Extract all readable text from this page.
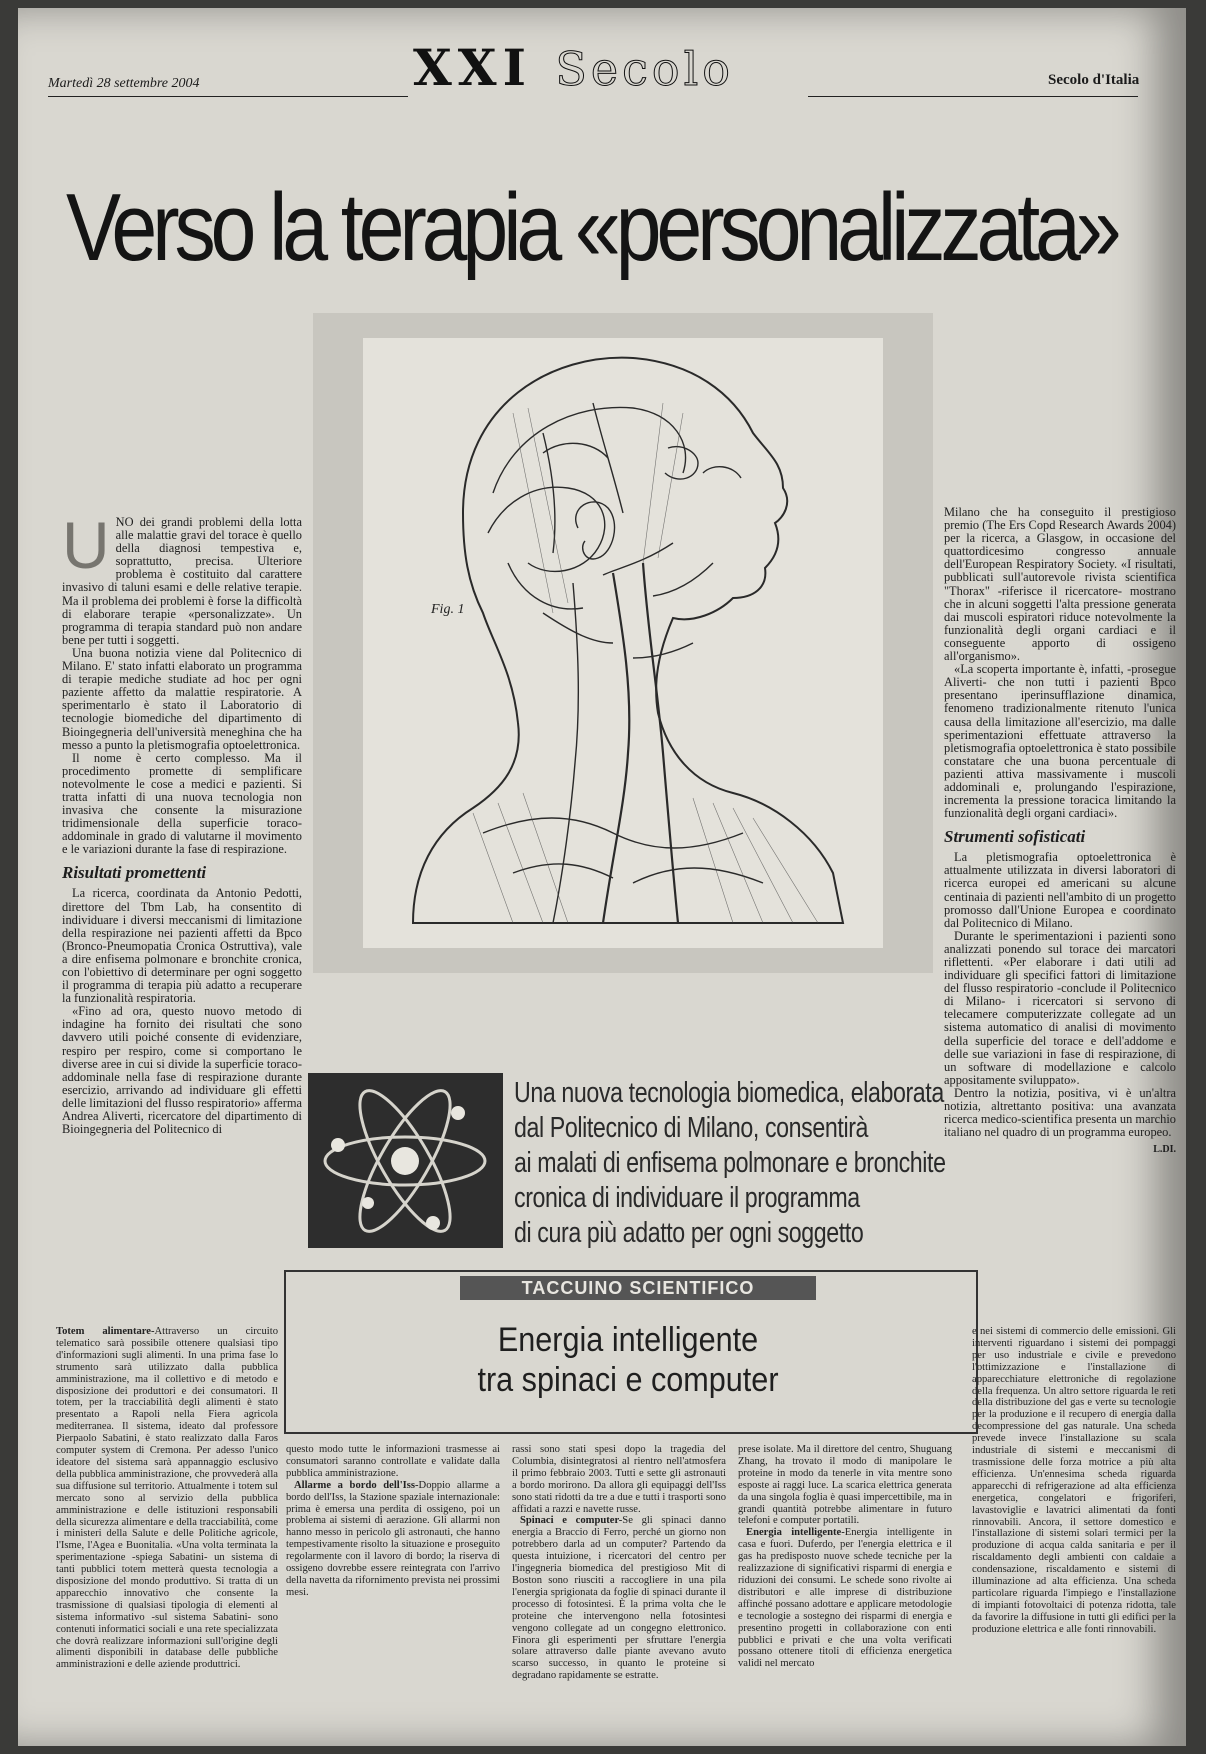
Martedì 28 settembre 2004	XXI Secolo	Secolo d'Italia
Verso la terapia «personalizzata»
Fig. 1

UNO dei grandi problemi della lotta alle malattie gravi del torace è quello della diagnosi tempestiva e, soprattutto, precisa. Ulteriore problema è costituito dal carattere invasivo di taluni esami e delle relative terapie. Ma il problema dei problemi è forse la difficoltà di elaborare terapie «personalizzate». Un programma di terapia standard può non andare bene per tutti i soggetti.

Una buona notizia viene dal Politecnico di Milano. E' stato infatti elaborato un programma di terapie mediche studiate ad hoc per ogni paziente affetto da malattie respiratorie. A sperimentarlo è stato il Laboratorio di tecnologie biomediche del dipartimento di Bioingegneria dell'università meneghina che ha messo a punto la pletismografia optoelettronica.

Il nome è certo complesso. Ma il procedimento promette di semplificare notevolmente le cose a medici e pazienti. Si tratta infatti di una nuova tecnologia non invasiva che consente la misurazione tridimensionale della superficie toraco-addominale in grado di valutarne il movimento e le variazioni durante la fase di respirazione.

Risultati promettenti

La ricerca, coordinata da Antonio Pedotti, direttore del Tbm Lab, ha consentito di individuare i diversi meccanismi di limitazione della respirazione nei pazienti affetti da Bpco (Bronco-Pneumopatia Cronica Ostruttiva), vale a dire enfisema polmonare e bronchite cronica, con l'obiettivo di determinare per ogni soggetto il programma di terapia più adatto a recuperare la funzionalità respiratoria.

«Fino ad ora, questo nuovo metodo di indagine ha fornito dei risultati che sono davvero utili poiché consente di evidenziare, respiro per respiro, come si comportano le diverse aree in cui si divide la superficie toraco-addominale nella fase di respirazione durante esercizio, arrivando ad individuare gli effetti delle limitazioni del flusso respiratorio» afferma Andrea Aliverti, ricercatore del dipartimento di Bioingegneria del Politecnico di

Milano che ha conseguito il prestigioso premio (The Ers Copd Research Awards 2004) per la ricerca, a Glasgow, in occasione del quattordicesimo congresso annuale dell'European Respiratory Society. «I risultati, pubblicati sull'autorevole rivista scientifica "Thorax" -riferisce il ricercatore- mostrano che in alcuni soggetti l'alta pressione generata dai muscoli espiratori riduce notevolmente la funzionalità degli organi cardiaci e il conseguente apporto di ossigeno all'organismo».

«La scoperta importante è, infatti, -prosegue Aliverti- che non tutti i pazienti Bpco presentano iperinsufflazione dinamica, fenomeno tradizionalmente ritenuto l'unica causa della limitazione all'esercizio, ma dalle sperimentazioni effettuate attraverso la pletismografia optoelettronica è stato possibile constatare che una buona percentuale di pazienti attiva massivamente i muscoli addominali e, prolungando l'espirazione, incrementa la pressione toracica limitando la funzionalità degli organi cardiaci».

Strumenti sofisticati

La pletismografia optoelettronica è attualmente utilizzata in diversi laboratori di ricerca europei ed americani su alcune centinaia di pazienti nell'ambito di un progetto promosso dall'Unione Europea e coordinato dal Politecnico di Milano.

Durante le sperimentazioni i pazienti sono analizzati ponendo sul torace dei marcatori riflettenti. «Per elaborare i dati utili ad individuare gli specifici fattori di limitazione del flusso respiratorio -conclude il Politecnico di Milano- i ricercatori si servono di telecamere computerizzate collegate ad un sistema automatico di analisi di movimento della superficie del torace e dell'addome e delle sue variazioni in fase di respirazione, di un software di modellazione e calcolo appositamente sviluppato».

Dentro la notizia, positiva, vi è un'altra notizia, altrettanto positiva: una avanzata ricerca medico-scientifica presenta un marchio italiano nel quadro di un programma europeo.

L.DI.
Una nuova tecnologia biomedica, elaborata
dal Politecnico di Milano, consentirà
ai malati di enfisema polmonare e bronchite
cronica di individuare il programma
di cura più adatto per ogni soggetto
TACCUINO SCIENTIFICO
Energia intelligente
tra spinaci e computer

Totem alimentare-Attraverso un circuito telematico sarà possibile ottenere qualsiasi tipo d'informazioni sugli alimenti. In una prima fase lo strumento sarà utilizzato dalla pubblica amministrazione, ma il collettivo e di metodo e disposizione dei produttori e dei consumatori. Il totem, per la tracciabilità degli alimenti è stato presentato a Rapoli nella Fiera agricola mediterranea. Il sistema, ideato dal professore Pierpaolo Sabatini, è stato realizzato dalla Faros computer system di Cremona. Per adesso l'unico ideatore del sistema sarà appannaggio esclusivo della pubblica amministrazione, che provvederà alla sua diffusione sul territorio. Attualmente i totem sul mercato sono al servizio della pubblica amministrazione e delle istituzioni responsabili della sicurezza alimentare e della tracciabilità, come i ministeri della Salute e delle Politiche agricole, l'Isme, l'Agea e Buonitalia. «Una volta terminata la sperimentazione -spiega Sabatini- un sistema di tanti pubblici totem metterà questa tecnologia a disposizione del mondo produttivo. Si tratta di un apparecchio innovativo che consente la trasmissione di qualsiasi tipologia di elementi al sistema informativo -sul sistema Sabatini- sono contenuti informatici sociali e una rete specializzata che dovrà realizzare informazioni sull'origine degli alimenti disponibili in database delle pubbliche amministrazioni e delle aziende produttrici.

questo modo tutte le informazioni trasmesse ai consumatori saranno controllate e validate dalla pubblica amministrazione.

Allarme a bordo dell'Iss-Doppio allarme a bordo dell'Iss, la Stazione spaziale internazionale: prima è emersa una perdita di ossigeno, poi un problema ai sistemi di aerazione. Gli allarmi non hanno messo in pericolo gli astronauti, che hanno tempestivamente risolto la situazione e proseguito regolarmente con il lavoro di bordo; la riserva di ossigeno dovrebbe essere reintegrata con l'arrivo della navetta da rifornimento prevista nei prossimi mesi.

rassi sono stati spesi dopo la tragedia del Columbia, disintegratosi al rientro nell'atmosfera il primo febbraio 2003. Tutti e sette gli astronauti a bordo morirono. Da allora gli equipaggi dell'Iss sono stati ridotti da tre a due e tutti i trasporti sono affidati a razzi e navette russe.

Spinaci e computer-Se gli spinaci danno energia a Braccio di Ferro, perché un giorno non potrebbero darla ad un computer? Partendo da questa intuizione, i ricercatori del centro per l'ingegneria biomedica del prestigioso Mit di Boston sono riusciti a raccogliere in una pila l'energia sprigionata da foglie di spinaci durante il processo di fotosintesi. È la prima volta che le proteine che intervengono nella fotosintesi vengono collegate ad un congegno elettronico. Finora gli esperimenti per sfruttare l'energia solare attraverso dalle piante avevano avuto scarso successo, in quanto le proteine si degradano rapidamente se estratte.

prese isolate. Ma il direttore del centro, Shuguang Zhang, ha trovato il modo di manipolare le proteine in modo da tenerle in vita mentre sono esposte ai raggi luce. La scarica elettrica generata da una singola foglia è quasi impercettibile, ma in grandi quantità potrebbe alimentare in futuro telefoni e computer portatili.

Energia intelligente-Energia intelligente in casa e fuori. Duferdo, per l'energia elettrica e il gas ha predisposto nuove schede tecniche per la realizzazione di significativi risparmi di energia e riduzioni dei consumi. Le schede sono rivolte ai distributori e alle imprese di distribuzione affinché possano adottare e applicare metodologie e tecnologie a sostegno dei risparmi di energia e presentino progetti in collaborazione con enti pubblici e privati e che una volta verificati possano ottenere titoli di efficienza energetica validi nel mercato

e nei sistemi di commercio delle emissioni. Gli interventi riguardano i sistemi dei pompaggi per uso industriale e civile e prevedono l'ottimizzazione e l'installazione di apparecchiature elettroniche di regolazione della frequenza. Un altro settore riguarda le reti della distribuzione del gas e verte su tecnologie per la produzione e il recupero di energia dalla decompressione del gas naturale. Una scheda prevede invece l'installazione su scala industriale di sistemi e meccanismi di trasmissione delle forza motrice a più alta efficienza. Un'ennesima scheda riguarda apparecchi di refrigerazione ad alta efficienza energetica, congelatori e frigoriferi, lavastoviglie e lavatrici alimentati da fonti rinnovabili. Ancora, il settore domestico e l'installazione di sistemi solari termici per la produzione di acqua calda sanitaria e per il riscaldamento degli ambienti con caldaie a condensazione, riscaldamento e sistemi di illuminazione ad alta efficienza. Una scheda particolare riguarda l'impiego e l'installazione di impianti fotovoltaici di potenza ridotta, tale da favorire la diffusione in tutti gli edifici per la produzione elettrica e alle fonti rinnovabili.
